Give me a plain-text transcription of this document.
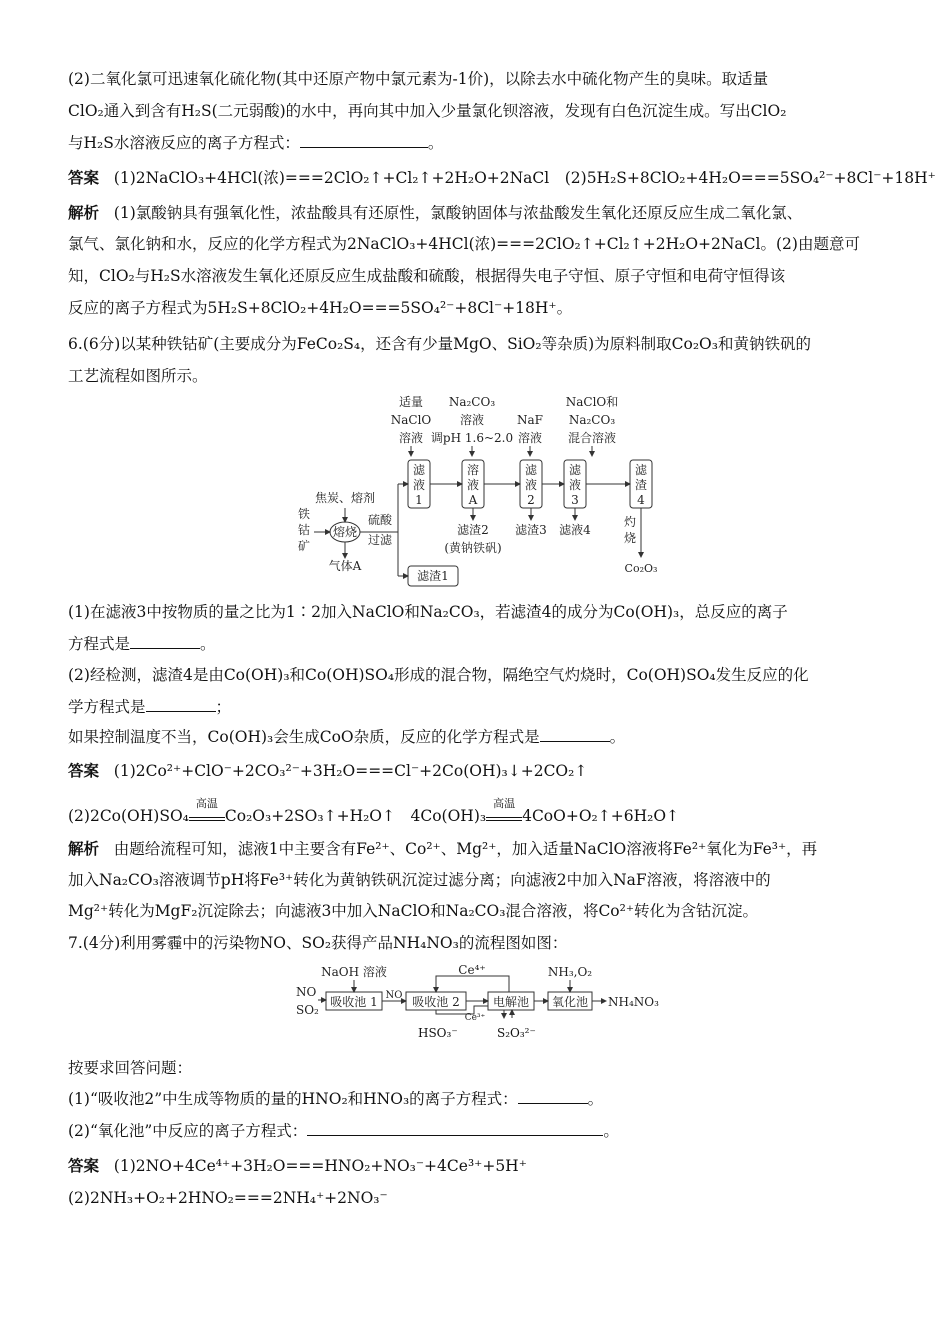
(2)二氧化氯可迅速氧化硫化物(其中还原产物中氯元素为-1价)，以除去水中硫化物产生的臭味。取适量
ClO₂通入到含有H₂S(二元弱酸)的水中，再向其中加入少量氯化钡溶液，发现有白色沉淀生成。写出ClO₂
与H₂S水溶液反应的离子方程式：	。
答案 (1)2NaClO₃+4HCl(浓)===2ClO₂↑+Cl₂↑+2H₂O+2NaCl　(2)5H₂S+8ClO₂+4H₂O===5SO₄²⁻+8Cl⁻+18H⁺
解析 (1)氯酸钠具有强氧化性，浓盐酸具有还原性，氯酸钠固体与浓盐酸发生氧化还原反应生成二氧化氯、
氯气、氯化钠和水，反应的化学方程式为2NaClO₃+4HCl(浓)===2ClO₂↑+Cl₂↑+2H₂O+2NaCl。(2)由题意可
知，ClO₂与H₂S水溶液发生氧化还原反应生成盐酸和硫酸，根据得失电子守恒、原子守恒和电荷守恒得该
反应的离子方程式为5H₂S+8ClO₂+4H₂O===5SO₄²⁻+8Cl⁻+18H⁺。
6.(6分)以某种铁钴矿(主要成分为FeCo₂S₄，还含有少量MgO、SiO₂等杂质)为原料制取Co₂O₃和黄钠铁矾的
工艺流程如图所示。
适量
NaClO
溶液
Na₂CO₃
溶液
调pH 1.6~2.0
NaF
溶液
NaClO和
Na₂CO₃
混合溶液
滤
液
1
溶
液
A
滤
液
2
滤
液
3
滤
渣
4
铁
钴
矿
焦炭、熔剂
熔烧
硫酸
过滤
气体A
滤渣1
滤渣2
(黄钠铁矾)
滤渣3 滤液4
灼
烧
Co₂O₃
(1)在滤液3中按物质的量之比为1∶2加入NaClO和Na₂CO₃，若滤渣4的成分为Co(OH)₃，总反应的离子
方程式是	。
(2)经检测，滤渣4是由Co(OH)₃和Co(OH)SO₄形成的混合物，隔绝空气灼烧时，Co(OH)SO₄发生反应的化
学方程式是	；
如果控制温度不当，Co(OH)₃会生成CoO杂质，反应的化学方程式是	。
答案 (1)2Co²⁺+ClO⁻+2CO₃²⁻+3H₂O===Cl⁻+2Co(OH)₃↓+2CO₂↑
(2)2Co(OH)SO₄
高温
Co₂O₃+2SO₃↑+H₂O↑　4Co(OH)₃
高温
4CoO+O₂↑+6H₂O↑
解析 由题给流程可知，滤液1中主要含有Fe²⁺、Co²⁺、Mg²⁺，加入适量NaClO溶液将Fe²⁺氧化为Fe³⁺，再
加入Na₂CO₃溶液调节pH将Fe³⁺转化为黄钠铁矾沉淀过滤分离；向滤液2中加入NaF溶液，将溶液中的
Mg²⁺转化为MgF₂沉淀除去；向滤液3中加入NaClO和Na₂CO₃混合溶液，将Co²⁺转化为含钴沉淀。
7.(4分)利用雾霾中的污染物NO、SO₂获得产品NH₄NO₃的流程图如图：
NaOH 溶液	Ce⁴⁺	NH₃,O₂
NO
SO₂
吸收池 1	吸收池 2	电解池 氧化池
NO
Ce³⁺
NH₄NO₃
HSO₃⁻	S₂O₃²⁻
按要求回答问题：
(1)“吸收池2”中生成等物质的量的HNO₂和HNO₃的离子方程式：	。
(2)“氧化池”中反应的离子方程式：	。
答案 (1)2NO+4Ce⁴⁺+3H₂O===HNO₂+NO₃⁻+4Ce³⁺+5H⁺
(2)2NH₃+O₂+2HNO₂===2NH₄⁺+2NO₃⁻
